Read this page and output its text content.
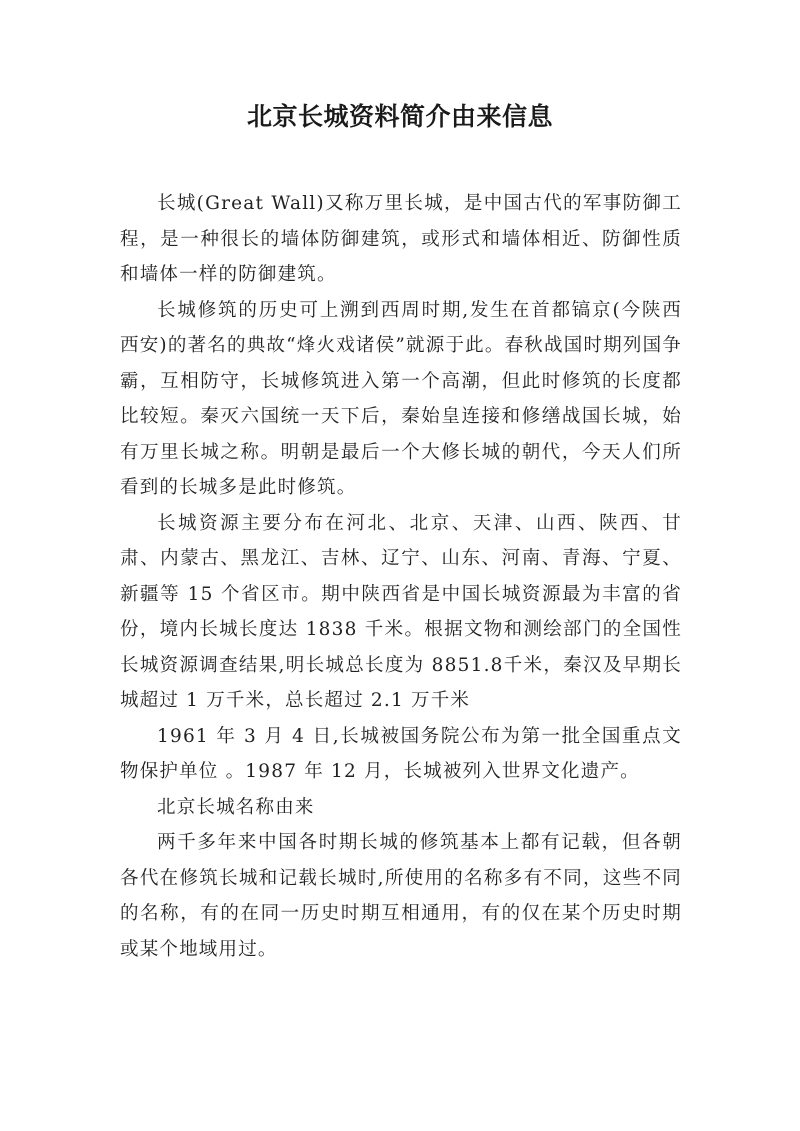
北京长城资料简介由来信息

长城(Great Wall)又称万里长城，是中国古代的军事防御工程，是一种很长的墙体防御建筑，或形式和墙体相近、防御性质和墙体一样的防御建筑。

长城修筑的历史可上溯到西周时期,发生在首都镐京(今陕西西安)的著名的典故“烽火戏诸侯”就源于此。春秋战国时期列国争霸，互相防守，长城修筑进入第一个高潮，但此时修筑的长度都比较短。秦灭六国统一天下后，秦始皇连接和修缮战国长城，始有万里长城之称。明朝是最后一个大修长城的朝代，今天人们所看到的长城多是此时修筑。

长城资源主要分布在河北、北京、天津、山西、陕西、甘肃、内蒙古、黑龙江、吉林、辽宁、山东、河南、青海、宁夏、新疆等 15 个省区市。期中陕西省是中国长城资源最为丰富的省份，境内长城长度达 1838 千米。根据文物和测绘部门的全国性长城资源调查结果,明长城总长度为 8851.8千米，秦汉及早期长城超过 1 万千米，总长超过 2.1 万千米

1961 年 3 月 4 日,长城被国务院公布为第一批全国重点文物保护单位 。1987 年 12 月，长城被列入世界文化遗产。

北京长城名称由来

两千多年来中国各时期长城的修筑基本上都有记载，但各朝各代在修筑长城和记载长城时,所使用的名称多有不同，这些不同的名称，有的在同一历史时期互相通用，有的仅在某个历史时期或某个地域用过。
